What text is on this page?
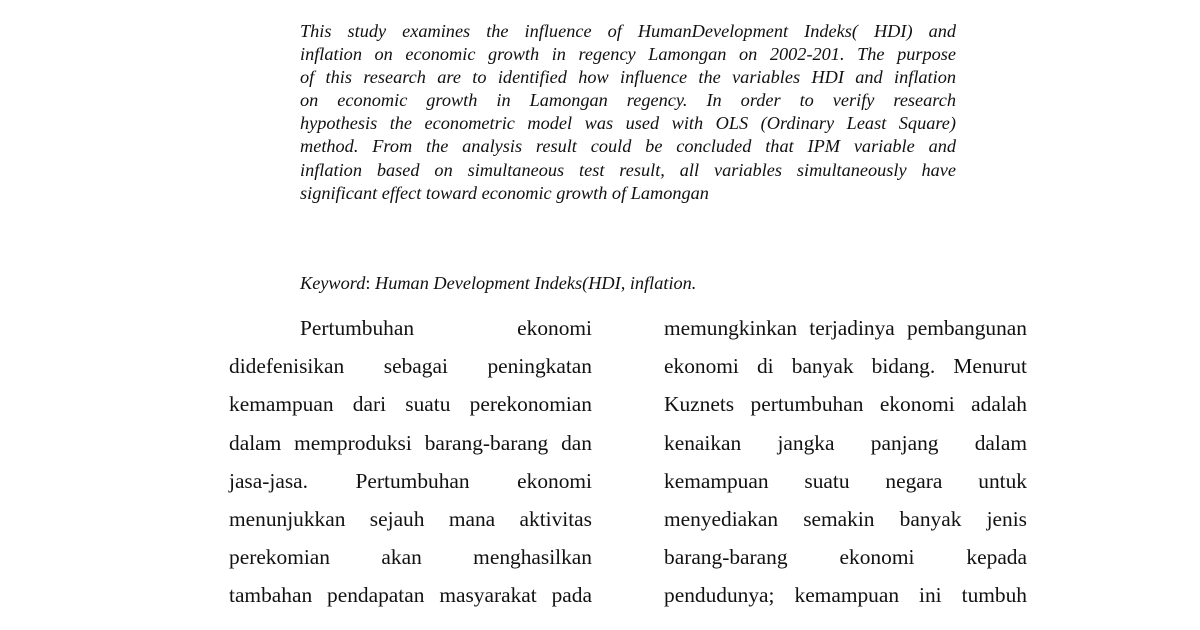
This study examines the influence of HumanDevelopment Indeks( HDI) and
inflation on economic growth in regency Lamongan on 2002-201. The purpose
of this research are to identified how influence the variables HDI and inflation
on economic growth in Lamongan regency. In order to verify research
hypothesis the econometric model was used with OLS (Ordinary Least Square)
method. From the analysis result could be concluded that IPM variable and
inflation based on simultaneous test result, all variables simultaneously have
significant effect toward economic growth of Lamongan
Keyword: Human Development Indeks(HDI, inflation.
Pertumbuhan ekonomi
didefenisikan sebagai peningkatan
kemampuan dari suatu perekonomian
dalam memproduksi barang-barang dan
jasa-jasa. Pertumbuhan ekonomi
menunjukkan sejauh mana aktivitas
perekomian akan menghasilkan
tambahan pendapatan masyarakat pada
memungkinkan terjadinya pembangunan
ekonomi di banyak bidang. Menurut
Kuznets pertumbuhan ekonomi adalah
kenaikan jangka panjang dalam
kemampuan suatu negara untuk
menyediakan semakin banyak jenis
barang-barang ekonomi kepada
pendudunya; kemampuan ini tumbuh
